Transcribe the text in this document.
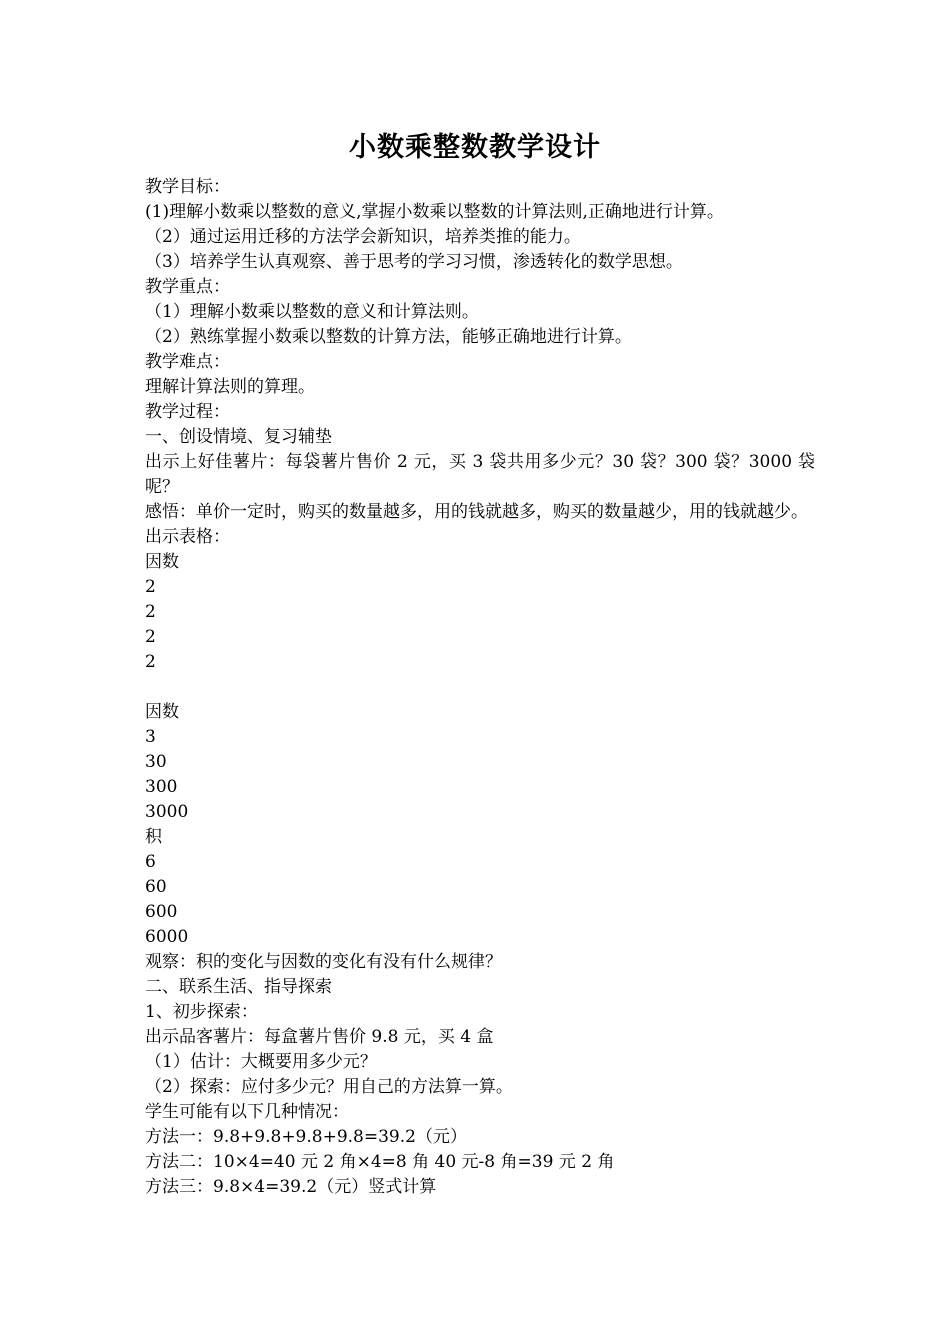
小数乘整数教学设计
教学目标：
(1)理解小数乘以整数的意义,掌握小数乘以整数的计算法则,正确地进行计算。
（2）通过运用迁移的方法学会新知识，培养类推的能力。
（3）培养学生认真观察、善于思考的学习习惯，渗透转化的数学思想。
教学重点：
（1）理解小数乘以整数的意义和计算法则。
（2）熟练掌握小数乘以整数的计算方法，能够正确地进行计算。
教学难点：
理解计算法则的算理。
教学过程：
一、创设情境、复习辅垫
出示上好佳薯片：每袋薯片售价 2 元，买 3 袋共用多少元？30 袋？300 袋？3000 袋呢？
感悟：单价一定时，购买的数量越多，用的钱就越多，购买的数量越少，用的钱就越少。
出示表格：
因数
2
2
2
2
因数
3
30
300
3000
积
6
60
600
6000
观察：积的变化与因数的变化有没有什么规律？
二、联系生活、指导探索
1、初步探索：
出示品客薯片：每盒薯片售价 9.8 元，买 4 盒
（1）估计：大概要用多少元？
（2）探索：应付多少元？用自己的方法算一算。
学生可能有以下几种情况：
方法一：9.8+9.8+9.8+9.8=39.2（元）
方法二：10×4=40 元 2 角×4=8 角 40 元-8 角=39 元 2 角
方法三：9.8×4=39.2（元）竖式计算
